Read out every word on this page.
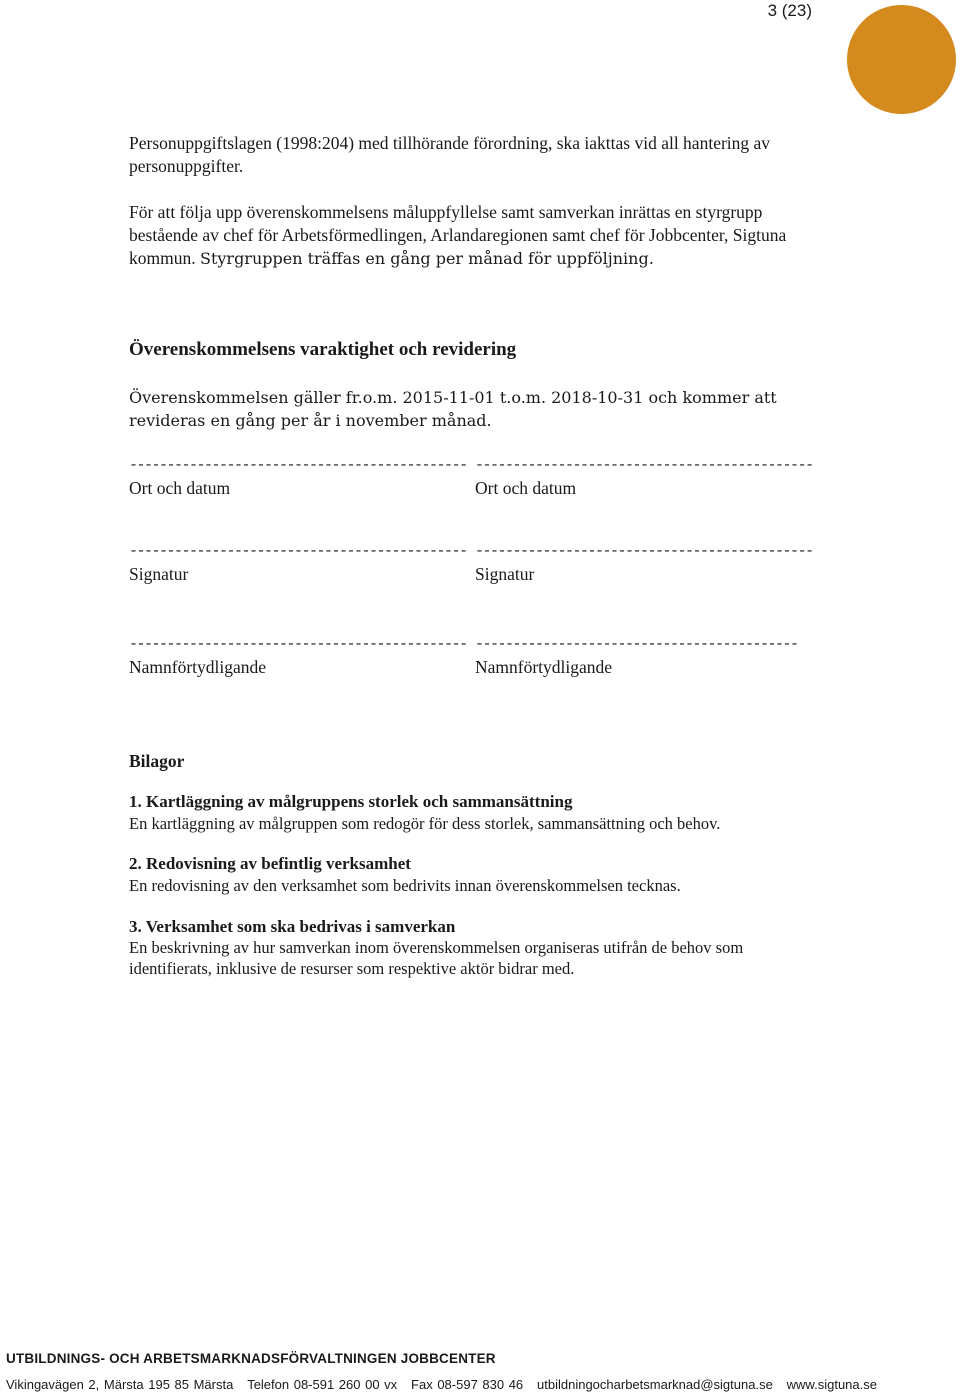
3 (23)

Personuppgiftslagen (1998:204) med tillhörande förordning, ska iakttas vid all hantering av personuppgifter.

För att följa upp överenskommelsens måluppfyllelse samt samverkan inrättas en styrgrupp bestående av chef för Arbetsförmedlingen, Arlandaregionen samt chef för Jobbcenter, Sigtuna kommun. Styrgruppen träffas en gång per månad för uppföljning.

Överenskommelsens varaktighet och revidering

Överenskommelsen gäller fr.o.m. 2015-11-01 t.o.m. 2018-10-31 och kommer att revideras en gång per år i november månad.

--------------------------------------------- ---------------------------------------------
Ort och datum	Ort och datum
--------------------------------------------- ---------------------------------------------
Signatur	Signatur
--------------------------------------------- -------------------------------------------
Namnförtydligande	Namnförtydligande
Bilagor
1. Kartläggning av målgruppens storlek och sammansättning
En kartläggning av målgruppen som redogör för dess storlek, sammansättning och behov.
2. Redovisning av befintlig verksamhet
En redovisning av den verksamhet som bedrivits innan överenskommelsen tecknas.
3. Verksamhet som ska bedrivas i samverkan
En beskrivning av hur samverkan inom överenskommelsen organiseras utifrån de behov som identifierats, inklusive de resurser som respektive aktör bidrar med.
UTBILDNINGS- OCH ARBETSMARKNADSFÖRVALTNINGEN JOBBCENTER
Vikingavägen 2, Märsta 195 85 Märsta Telefon 08-591 260 00 vx Fax 08-597 830 46 utbildningocharbetsmarknad@sigtuna.se www.sigtuna.se
